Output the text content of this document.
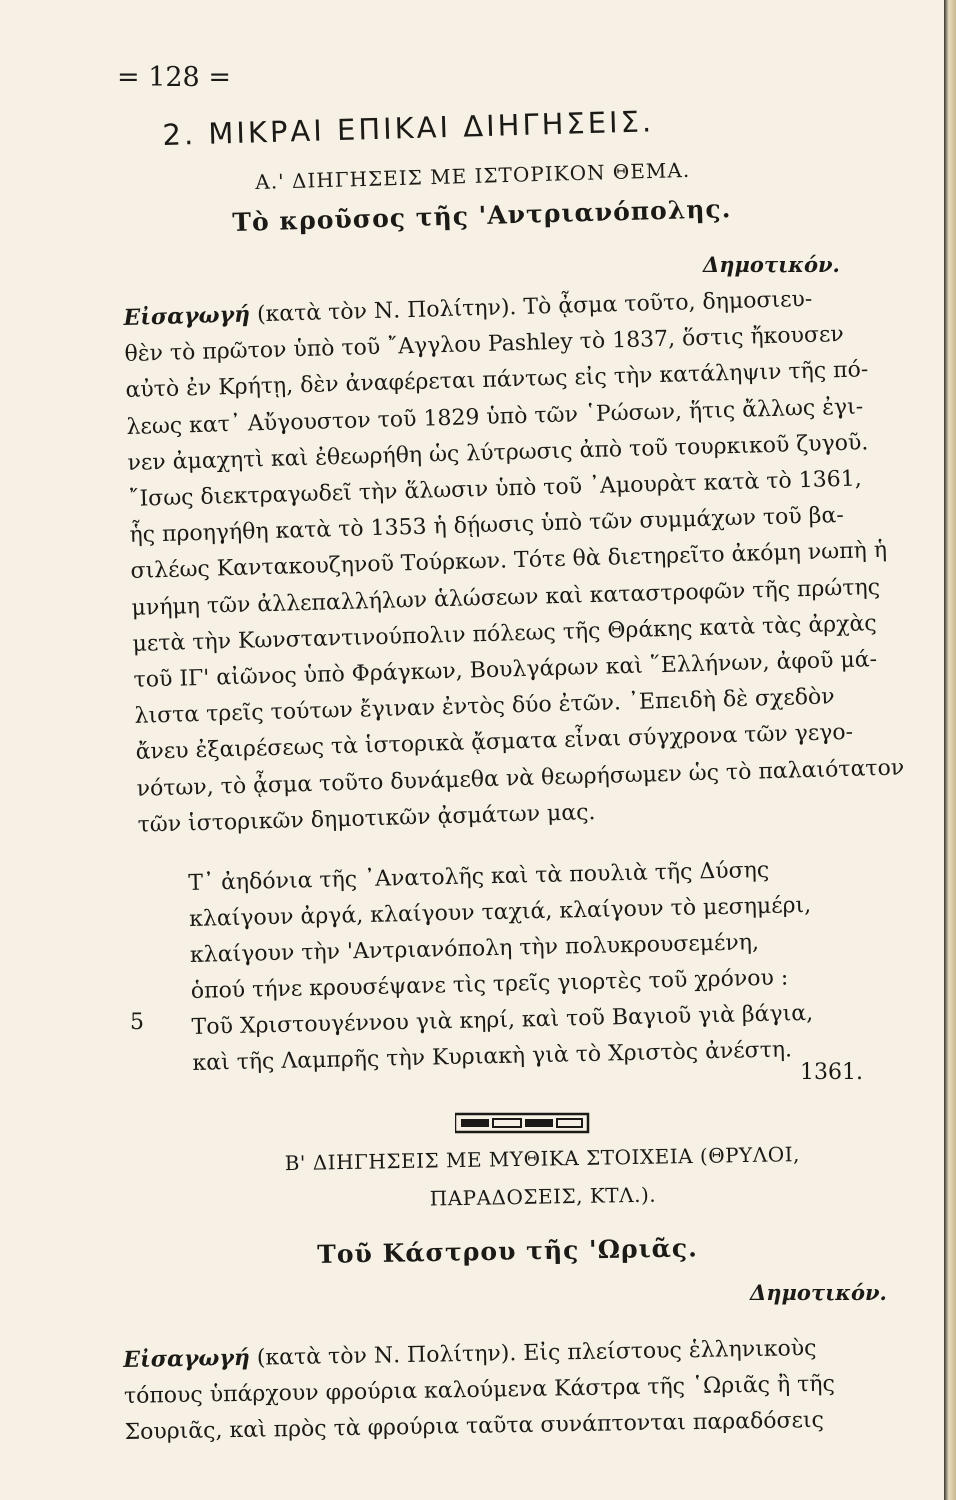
= 128 =
2. ΜΙΚΡΑΙ ΕΠΙΚΑΙ ΔΙΗΓΗΣΕΙΣ.
Α.' ΔΙΗΓΗΣΕΙΣ ΜΕ ΙΣΤΟΡΙΚΟΝ ΘΕΜΑ.
Τὸ κροῦσος τῆς 'Αντριανόπολης.
Δημοτικόν.
Εἰσαγωγή (κατὰ τὸν Ν. Πολίτην). Τὸ ᾆσμα τοῦτο, δημοσιευ-
θὲν τὸ πρῶτον ὑπὸ τοῦ ῎Αγγλου Pashley τὸ 1837, ὅστις ἤκουσεν
αὐτὸ ἐν Κρήτῃ, δὲν ἀναφέρεται πάντως εἰς τὴν κατάληψιν τῆς πό-
λεως κατ᾿ Αὔγουστον τοῦ 1829 ὑπὸ τῶν ῾Ρώσων, ἥτις ἄλλως ἐγι-
νεν ἀμαχητὶ καὶ ἐθεωρήθη ὡς λύτρωσις ἀπὸ τοῦ τουρκικοῦ ζυγοῦ.
῎Ισως διεκτραγωδεῖ τὴν ἅλωσιν ὑπὸ τοῦ ᾿Αμουρὰτ κατὰ τὸ 1361,
ἧς προηγήθη κατὰ τὸ 1353 ἡ δῄωσις ὑπὸ τῶν συμμάχων τοῦ βα-
σιλέως Καντακουζηνοῦ Τούρκων. Τότε θὰ διετηρεῖτο ἀκόμη νωπὴ ἡ
μνήμη τῶν ἀλλεπαλλήλων ἁλώσεων καὶ καταστροφῶν τῆς πρώτης
μετὰ τὴν Κωνσταντινούπολιν πόλεως τῆς Θράκης κατὰ τὰς ἀρχὰς
τοῦ ΙΓ' αἰῶνος ὑπὸ Φράγκων, Βουλγάρων καὶ ῞Ελλήνων, ἀφοῦ μά-
λιστα τρεῖς τούτων ἔγιναν ἐντὸς δύο ἐτῶν. ᾿Επειδὴ δὲ σχεδὸν
ἄνευ ἐξαιρέσεως τὰ ἱστορικὰ ᾄσματα εἶναι σύγχρονα τῶν γεγο-
νότων, τὸ ᾆσμα τοῦτο δυνάμεθα νὰ θεωρήσωμεν ὡς τὸ παλαιότατον
τῶν ἱστορικῶν δημοτικῶν ᾀσμάτων μας.
Τ᾿ ἀηδόνια τῆς ᾿Ανατολῆς καὶ τὰ πουλιὰ τῆς Δύσης
κλαίγουν ἀργά, κλαίγουν ταχιά, κλαίγουν τὸ μεσημέρι,
κλαίγουν τὴν 'Αντριανόπολη τὴν πολυκρουσεμένη,
ὁπού τήνε κρουσέψανε τὶς τρεῖς γιορτὲς τοῦ χρόνου :
Τοῦ Χριστουγέννου γιὰ κηρί, καὶ τοῦ Βαγιοῦ γιὰ βάγια,
καὶ τῆς Λαμπρῆς τὴν Κυριακὴ γιὰ τὸ Χριστὸς ἀνέστη.
5
1361.
Β' ΔΙΗΓΗΣΕΙΣ ΜΕ ΜΥΘΙΚΑ ΣΤΟΙΧΕΙΑ (ΘΡΥΛΟΙ,
ΠΑΡΑΔΟΣΕΙΣ, ΚΤΛ.).
Τοῦ Κάστρου τῆς 'Ωριᾶς.
Δημοτικόν.
Εἰσαγωγή (κατὰ τὸν Ν. Πολίτην). Εἰς πλείστους ἑλληνικοὺς
τόπους ὑπάρχουν φρούρια καλούμενα Κάστρα τῆς ῾Ωριᾶς ἢ τῆς
Σουριᾶς, καὶ πρὸς τὰ φρούρια ταῦτα συνάπτονται παραδόσεις
